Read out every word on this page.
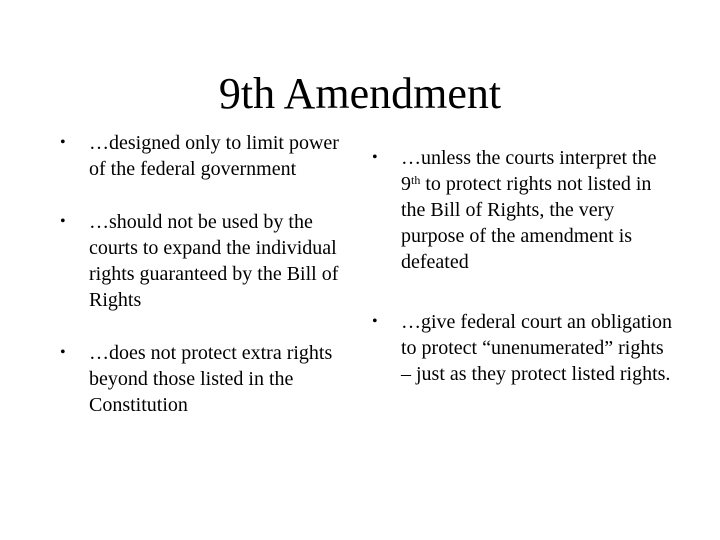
9th Amendment
•	…designed only to limit power of the federal government
•	…should not be used by the courts to expand the individual rights guaranteed by the Bill of Rights
•	…does not protect extra rights beyond those listed in the Constitution
•	…unless the courts interpret the 9th to protect rights not listed in the Bill of Rights, the very purpose of the amendment is defeated
•	…give federal court an obligation to protect “unenumerated” rights – just as they protect listed rights.
